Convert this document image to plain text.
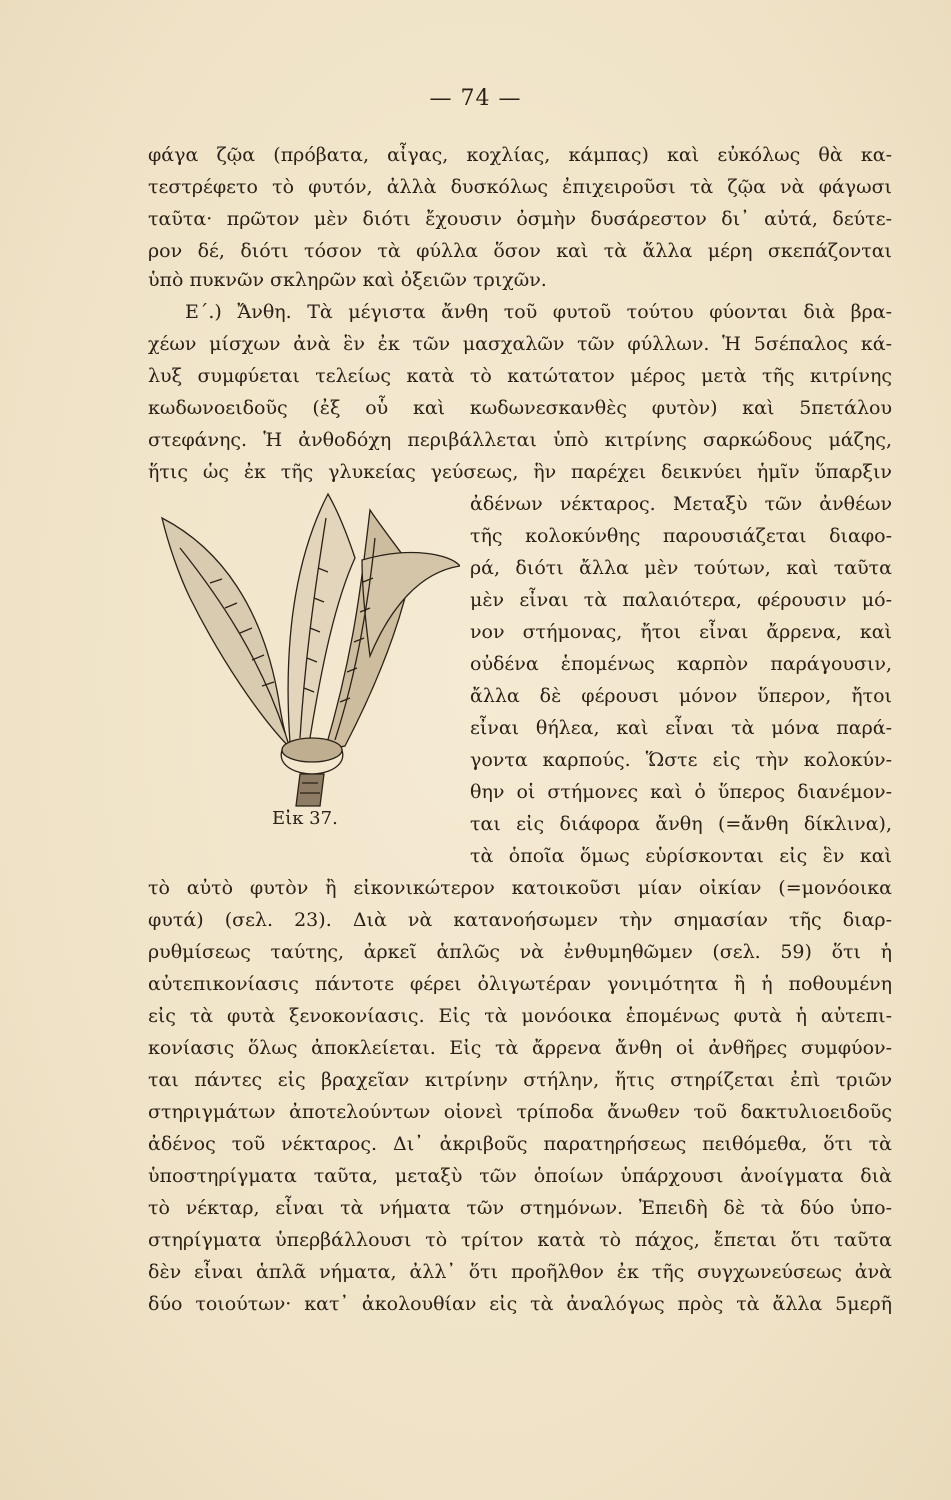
— 74 —
φάγα ζῷα (πρόβατα, αἶγας, κοχλίας, κάμπας) καὶ εὐκόλως θὰ κα-
τεστρέφετο τὸ φυτόν, ἀλλὰ δυσκόλως ἐπιχειροῦσι τὰ ζῷα νὰ φάγωσι
ταῦτα· πρῶτον μὲν διότι ἔχουσιν ὀσμὴν δυσάρεστον δι᾽ αὐτά, δεύτε-
ρον δέ, διότι τόσον τὰ φύλλα ὅσον καὶ τὰ ἄλλα μέρη σκεπάζονται
ὑπὸ πυκνῶν σκληρῶν καὶ ὀξειῶν τριχῶν.
Ε΄.) Ἄνθη. Τὰ μέγιστα ἄνθη τοῦ φυτοῦ τούτου φύονται διὰ βρα-
χέων μίσχων ἀνὰ ἓν ἐκ τῶν μασχαλῶν τῶν φύλλων. Ἡ 5σέπαλος κά-
λυξ συμφύεται τελείως κατὰ τὸ κατώτατον μέρος μετὰ τῆς κιτρίνης
κωδωνοειδοῦς (ἐξ οὗ καὶ κωδωνεσκανθὲς φυτὸν) καὶ 5πετάλου
στεφάνης. Ἡ ἀνθοδόχη περιβάλλεται ὑπὸ κιτρίνης σαρκώδους μάζης,
ἥτις ὡς ἐκ τῆς γλυκείας γεύσεως, ἣν παρέχει δεικνύει ἡμῖν ὕπαρξιν
Εἰκ 37.
ἀδένων νέκταρος. Μεταξὺ τῶν ἀνθέων
τῆς κολοκύνθης παρουσιάζεται διαφο-
ρά, διότι ἄλλα μὲν τούτων, καὶ ταῦτα
μὲν εἶναι τὰ παλαιότερα, φέρουσιν μό-
νον στήμονας, ἤτοι εἶναι ἄρρενα, καὶ
οὐδένα ἑπομένως καρπὸν παράγουσιν,
ἄλλα δὲ φέρουσι μόνον ὕπερον, ἤτοι
εἶναι θήλεα, καὶ εἶναι τὰ μόνα παρά-
γοντα καρπούς. Ὥστε εἰς τὴν κολοκύν-
θην οἱ στήμονες καὶ ὁ ὕπερος διανέμον-
ται εἰς διάφορα ἄνθη (=ἄνθη δίκλινα),
τὰ ὁποῖα ὅμως εὑρίσκονται εἰς ἓν καὶ
τὸ αὐτὸ φυτὸν ἢ εἰκονικώτερον κατοικοῦσι μίαν οἰκίαν (=μονόοικα
φυτά) (σελ. 23). Διὰ νὰ κατανοήσωμεν τὴν σημασίαν τῆς διαρ-
ρυθμίσεως ταύτης, ἀρκεῖ ἁπλῶς νὰ ἐνθυμηθῶμεν (σελ. 59) ὅτι ἡ
αὐτεπικονίασις πάντοτε φέρει ὀλιγωτέραν γονιμότητα ἢ ἡ ποθουμένη
εἰς τὰ φυτὰ ξενοκονίασις. Εἰς τὰ μονόοικα ἑπομένως φυτὰ ἡ αὐτεπι-
κονίασις ὅλως ἀποκλείεται. Εἰς τὰ ἄρρενα ἄνθη οἱ ἀνθῆρες συμφύον-
ται πάντες εἰς βραχεῖαν κιτρίνην στήλην, ἥτις στηρίζεται ἐπὶ τριῶν
στηριγμάτων ἀποτελούντων οἱονεὶ τρίποδα ἄνωθεν τοῦ δακτυλιοειδοῦς
ἀδένος τοῦ νέκταρος. Δι᾽ ἀκριβοῦς παρατηρήσεως πειθόμεθα, ὅτι τὰ
ὑποστηρίγματα ταῦτα, μεταξὺ τῶν ὁποίων ὑπάρχουσι ἀνοίγματα διὰ
τὸ νέκταρ, εἶναι τὰ νήματα τῶν στημόνων. Ἐπειδὴ δὲ τὰ δύο ὑπο-
στηρίγματα ὑπερβάλλουσι τὸ τρίτον κατὰ τὸ πάχος, ἔπεται ὅτι ταῦτα
δὲν εἶναι ἁπλᾶ νήματα, ἀλλ᾽ ὅτι προῆλθον ἐκ τῆς συγχωνεύσεως ἀνὰ
δύο τοιούτων· κατ᾽ ἀκολουθίαν εἰς τὰ ἀναλόγως πρὸς τὰ ἄλλα 5μερῆ
